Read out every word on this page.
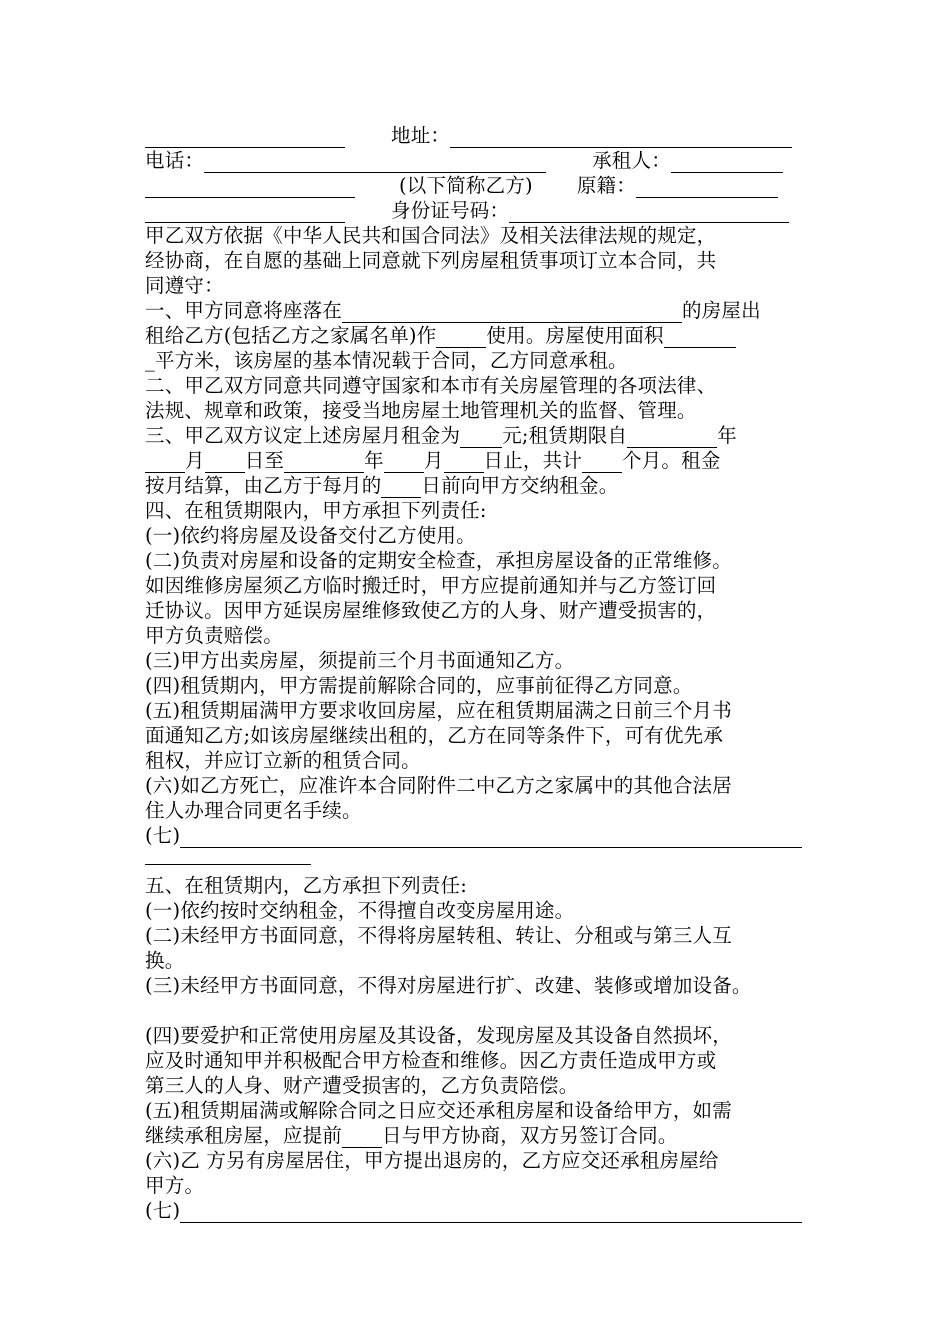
地址：
电话：	承租人：
(以下简称乙方) 原籍：
身份证号码：
甲乙双方依据《中华人民共和国合同法》及相关法律法规的规定，
经协商，在自愿的基础上同意就下列房屋租赁事项订立本合同，共
同遵守：
一、甲方同意将座落在	的房屋出
租给乙方(包括乙方之家属名单)作	使用。房屋使用面积
_平方米，该房屋的基本情况载于合同，乙方同意承租。
二、甲乙双方同意共同遵守国家和本市有关房屋管理的各项法律、
法规、规章和政策，接受当地房屋土地管理机关的监督、管理。
三、甲乙双方议定上述房屋月租金为 元;租赁期限自	年
月 日至	年 月 日止，共计 个月。租金
按月结算，由乙方于每月的 日前向甲方交纳租金。
四、在租赁期限内，甲方承担下列责任:
(一)依约将房屋及设备交付乙方使用。
(二)负责对房屋和设备的定期安全检查，承担房屋设备的正常维修。
如因维修房屋须乙方临时搬迁时，甲方应提前通知并与乙方签订回
迁协议。因甲方延误房屋维修致使乙方的人身、财产遭受损害的，
甲方负责赔偿。
(三)甲方出卖房屋，须提前三个月书面通知乙方。
(四)租赁期内，甲方需提前解除合同的，应事前征得乙方同意。
(五)租赁期届满甲方要求收回房屋，应在租赁期届满之日前三个月书
面通知乙方;如该房屋继续出租的，乙方在同等条件下，可有优先承
租权，并应订立新的租赁合同。
(六)如乙方死亡，应准许本合同附件二中乙方之家属中的其他合法居
住人办理合同更名手续。
(七)
五、在租赁期内，乙方承担下列责任:
(一)依约按时交纳租金，不得擅自改变房屋用途。
(二)未经甲方书面同意，不得将房屋转租、转让、分租或与第三人互
换。
(三)未经甲方书面同意，不得对房屋进行扩、改建、装修或增加设备。
(四)要爱护和正常使用房屋及其设备，发现房屋及其设备自然损坏，
应及时通知甲并积极配合甲方检查和维修。因乙方责任造成甲方或
第三人的人身、财产遭受损害的，乙方负责陪偿。
(五)租赁期届满或解除合同之日应交还承租房屋和设备给甲方，如需
继续承租房屋，应提前 日与甲方协商，双方另签订合同。
(六)乙 方另有房屋居住，甲方提出退房的，乙方应交还承租房屋给
甲方。
(七)
